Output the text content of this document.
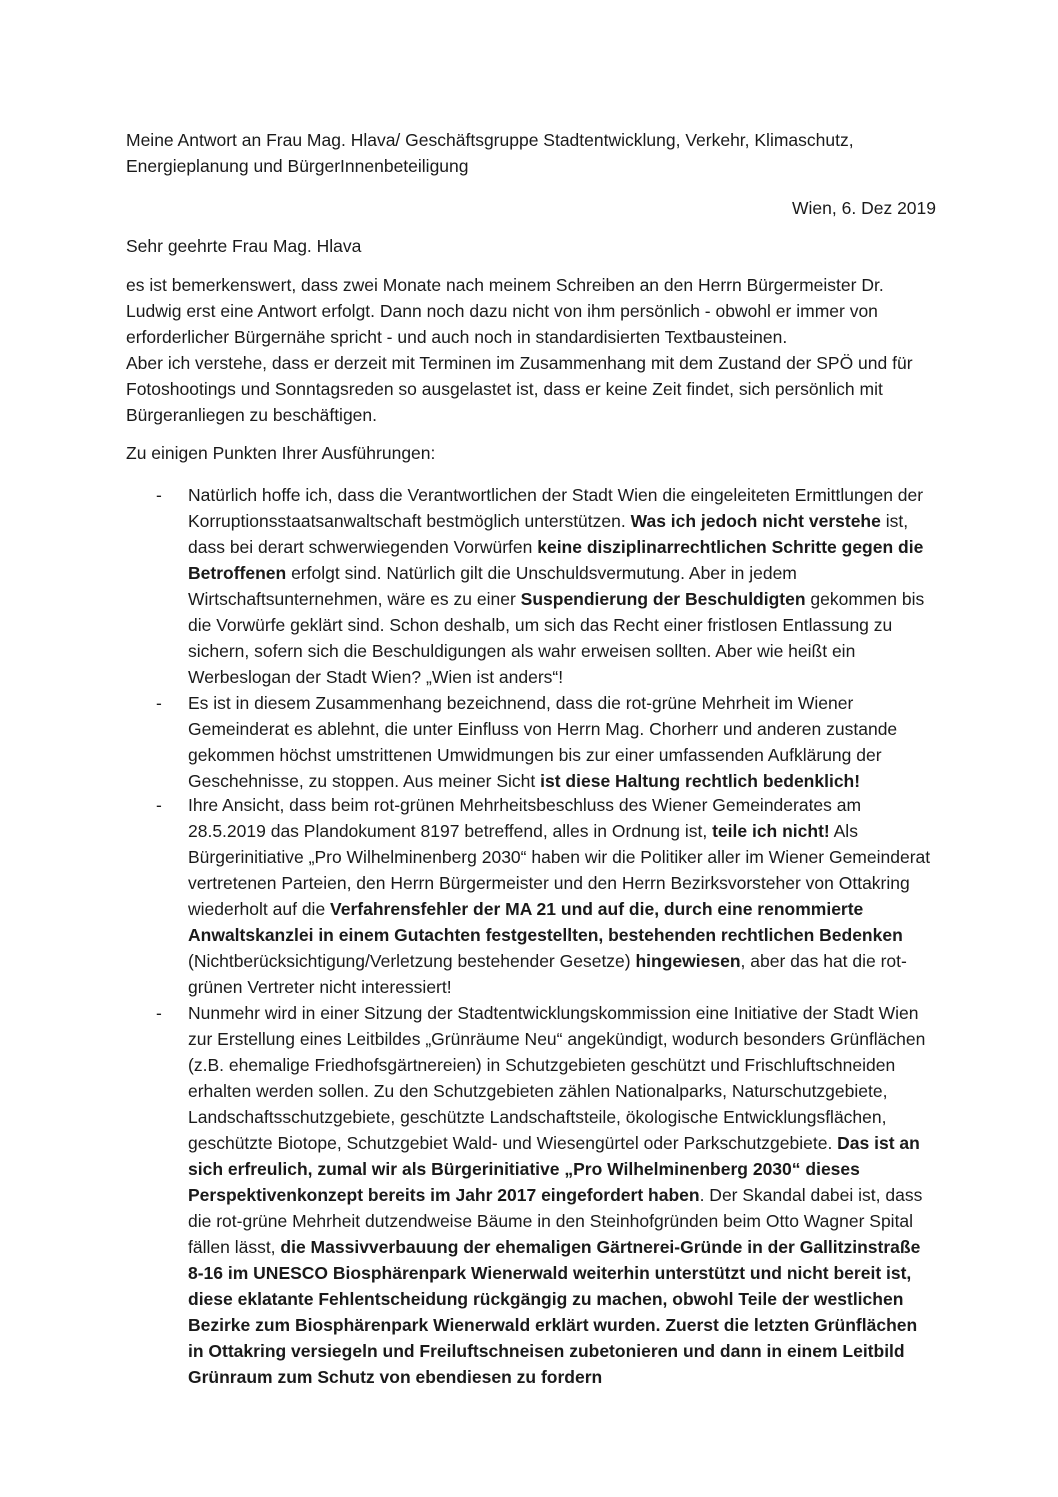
Meine Antwort an Frau Mag. Hlava/ Geschäftsgruppe Stadtentwicklung, Verkehr, Klimaschutz, Energieplanung und BürgerInnenbeteiligung

Wien, 6. Dez 2019

Sehr geehrte Frau Mag. Hlava

es ist bemerkenswert, dass zwei Monate nach meinem Schreiben an den Herrn Bürgermeister Dr. Ludwig erst eine Antwort erfolgt. Dann noch dazu nicht von ihm persönlich - obwohl er immer von erforderlicher Bürgernähe spricht - und auch noch in standardisierten Textbausteinen.

Aber ich verstehe, dass er derzeit mit Terminen im Zusammenhang mit dem Zustand der SPÖ und für Fotoshootings und Sonntagsreden so ausgelastet ist, dass er keine Zeit findet, sich persönlich mit Bürgeranliegen zu beschäftigen.

Zu einigen Punkten Ihrer Ausführungen:

-	Natürlich hoffe ich, dass die Verantwortlichen der Stadt Wien die eingeleiteten Ermittlungen der Korruptionsstaatsanwaltschaft bestmöglich unterstützen. Was ich jedoch nicht verstehe ist, dass bei derart schwerwiegenden Vorwürfen keine disziplinarrechtlichen Schritte gegen die Betroffenen erfolgt sind. Natürlich gilt die Unschuldsvermutung. Aber in jedem Wirtschaftsunternehmen, wäre es zu einer Suspendierung der Beschuldigten gekommen bis die Vorwürfe geklärt sind. Schon deshalb, um sich das Recht einer fristlosen Entlassung zu sichern, sofern sich die Beschuldigungen als wahr erweisen sollten. Aber wie heißt ein Werbeslogan der Stadt Wien? „Wien ist anders“!

-	Es ist in diesem Zusammenhang bezeichnend, dass die rot-grüne Mehrheit im Wiener Gemeinderat es ablehnt, die unter Einfluss von Herrn Mag. Chorherr und anderen zustande gekommen höchst umstrittenen Umwidmungen bis zur einer umfassenden Aufklärung der Geschehnisse, zu stoppen. Aus meiner Sicht ist diese Haltung rechtlich bedenklich!

-	Ihre Ansicht, dass beim rot-grünen Mehrheitsbeschluss des Wiener Gemeinderates am 28.5.2019 das Plandokument 8197 betreffend, alles in Ordnung ist, teile ich nicht! Als Bürgerinitiative „Pro Wilhelminenberg 2030“ haben wir die Politiker aller im Wiener Gemeinderat vertretenen Parteien, den Herrn Bürgermeister und den Herrn Bezirksvorsteher von Ottakring wiederholt auf die Verfahrensfehler der MA 21 und auf die, durch eine renommierte Anwaltskanzlei in einem Gutachten festgestellten, bestehenden rechtlichen Bedenken (Nichtberücksichtigung/Verletzung bestehender Gesetze) hingewiesen, aber das hat die rot-grünen Vertreter nicht interessiert!

-	Nunmehr wird in einer Sitzung der Stadtentwicklungskommission eine Initiative der Stadt Wien zur Erstellung eines Leitbildes „Grünräume Neu“ angekündigt, wodurch besonders Grünflächen (z.B. ehemalige Friedhofsgärtnereien) in Schutzgebieten geschützt und Frischluftschneiden erhalten werden sollen. Zu den Schutzgebieten zählen Nationalparks, Naturschutzgebiete, Landschaftsschutzgebiete, geschützte Landschaftsteile, ökologische Entwicklungsflächen, geschützte Biotope, Schutzgebiet Wald- und Wiesengürtel oder Parkschutzgebiete. Das ist an sich erfreulich, zumal wir als Bürgerinitiative „Pro Wilhelminenberg 2030“ dieses Perspektivenkonzept bereits im Jahr 2017 eingefordert haben. Der Skandal dabei ist, dass die rot-grüne Mehrheit dutzendweise Bäume in den Steinhofgründen beim Otto Wagner Spital fällen lässt, die Massivverbauung der ehemaligen Gärtnerei-Gründe in der Gallitzinstraße 8-16 im UNESCO Biosphärenpark Wienerwald weiterhin unterstützt und nicht bereit ist, diese eklatante Fehlentscheidung rückgängig zu machen, obwohl Teile der westlichen Bezirke zum Biosphärenpark Wienerwald erklärt wurden. Zuerst die letzten Grünflächen in Ottakring versiegeln und Freiluftschneisen zubetonieren und dann in einem Leitbild Grünraum zum Schutz von ebendiesen zu fordern
